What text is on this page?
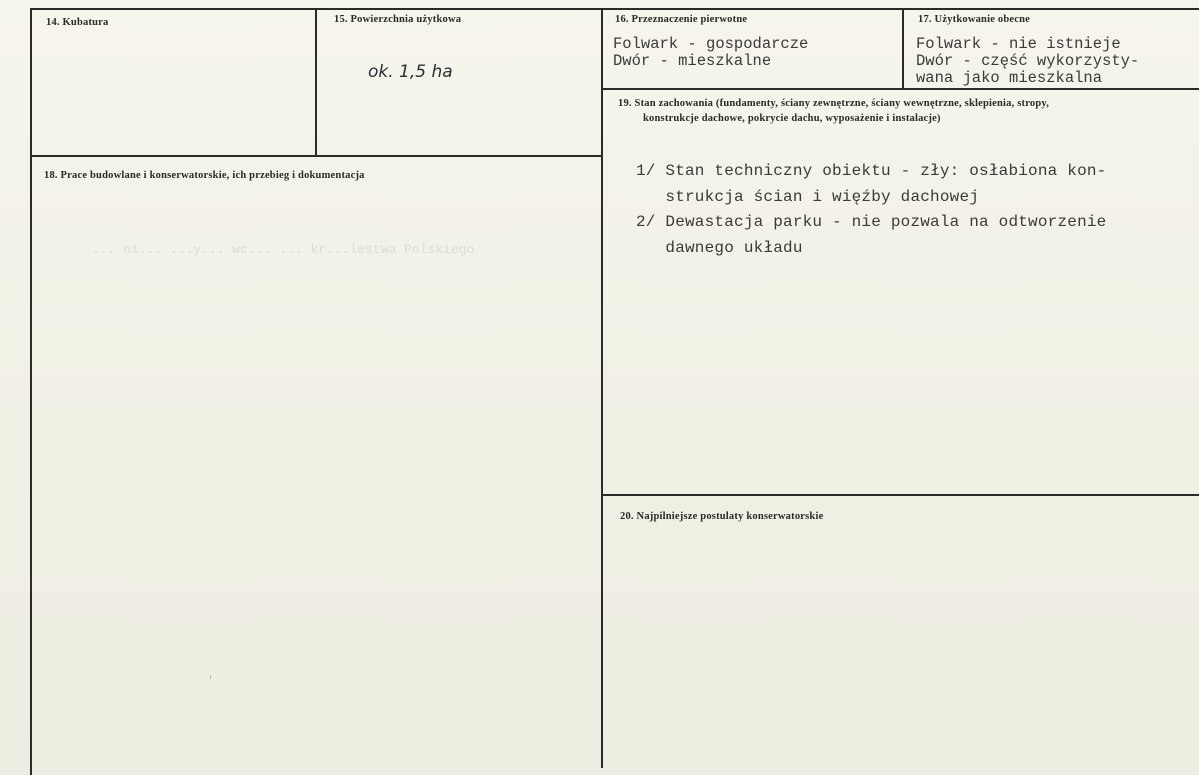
14. Kubatura	15. Powierzchnia użytkowa
ok. 1,5 ha
16. Przeznaczenie pierwotne
Folwark - gospodarcze
Dwór - mieszkalne
17. Użytkowanie obecne
Folwark - nie istnieje
Dwór - część wykorzysty-
wana jako mieszkalna
18. Prace budowlane i konserwatorskie, ich przebieg i dokumentacja
... ni... ...y... wc... ... kr...lestwa Polskiego
19. Stan zachowania (fundamenty, ściany zewnętrzne, ściany wewnętrzne, sklepienia, stropy,
konstrukcje dachowe, pokrycie dachu, wyposażenie i instalacje)
1/ Stan techniczny obiektu - zły: osłabiona kon-
strukcja ścian i więźby dachowej
2/ Dewastacja parku - nie pozwala na odtworzenie
dawnego układu
20. Najpilniejsze postulaty konserwatorskie
